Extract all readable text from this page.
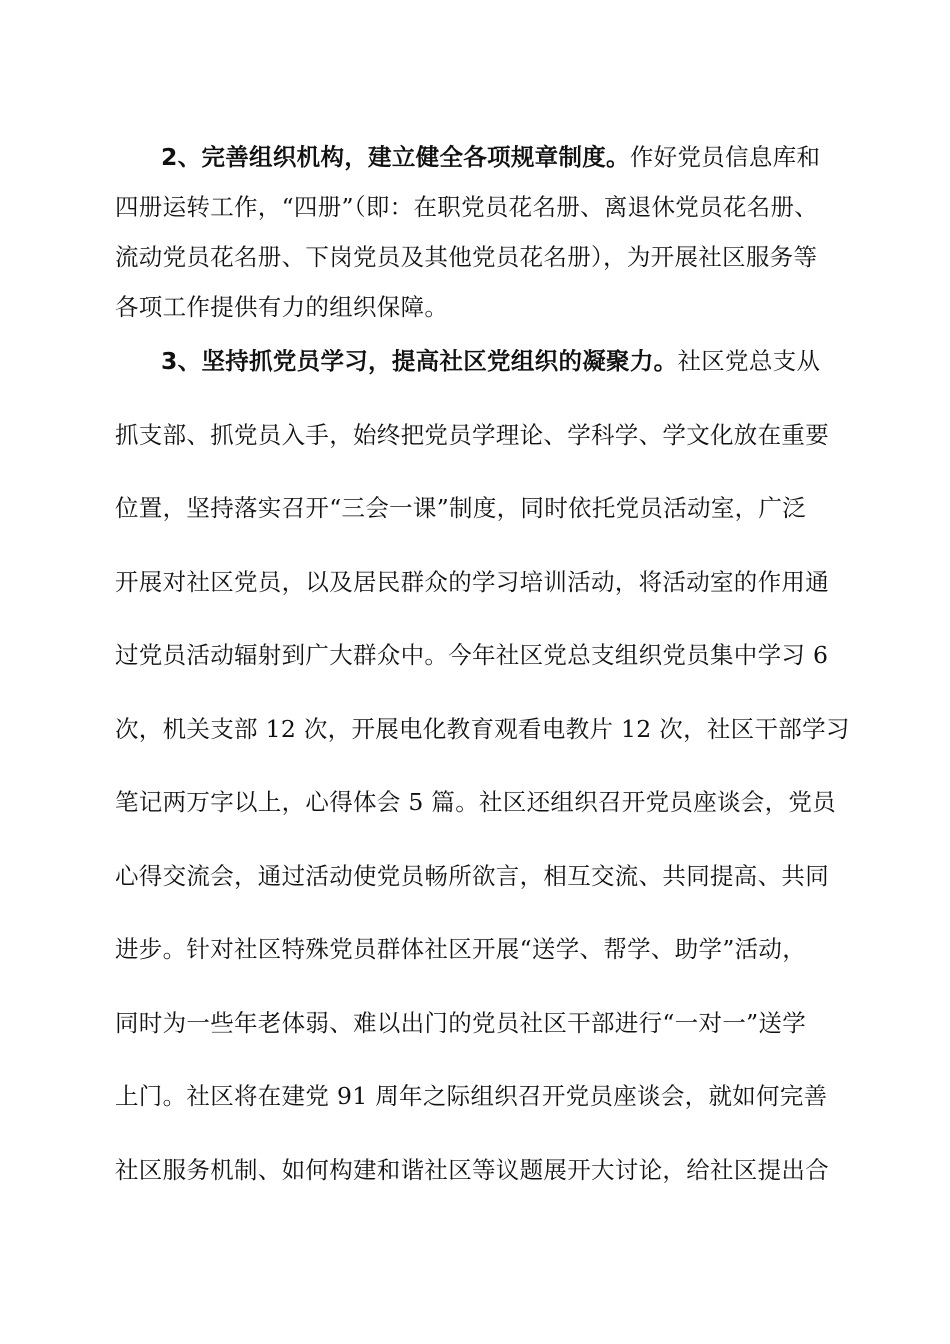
2、完善组织机构，建立健全各项规章制度。作好党员信息库和
四册运转工作，“四册”（即：在职党员花名册、离退休党员花名册、
流动党员花名册、下岗党员及其他党员花名册），为开展社区服务等
各项工作提供有力的组织保障。
3、坚持抓党员学习，提高社区党组织的凝聚力。社区党总支从
抓支部、抓党员入手，始终把党员学理论、学科学、学文化放在重要
位置，坚持落实召开“三会一课”制度，同时依托党员活动室，广泛
开展对社区党员，以及居民群众的学习培训活动，将活动室的作用通
过党员活动辐射到广大群众中。今年社区党总支组织党员集中学习 6
次，机关支部 12 次，开展电化教育观看电教片 12 次，社区干部学习
笔记两万字以上，心得体会 5 篇。社区还组织召开党员座谈会，党员
心得交流会，通过活动使党员畅所欲言，相互交流、共同提高、共同
进步。针对社区特殊党员群体社区开展“送学、帮学、助学”活动，
同时为一些年老体弱、难以出门的党员社区干部进行“一对一”送学
上门。社区将在建党 91 周年之际组织召开党员座谈会，就如何完善
社区服务机制、如何构建和谐社区等议题展开大讨论，给社区提出合
